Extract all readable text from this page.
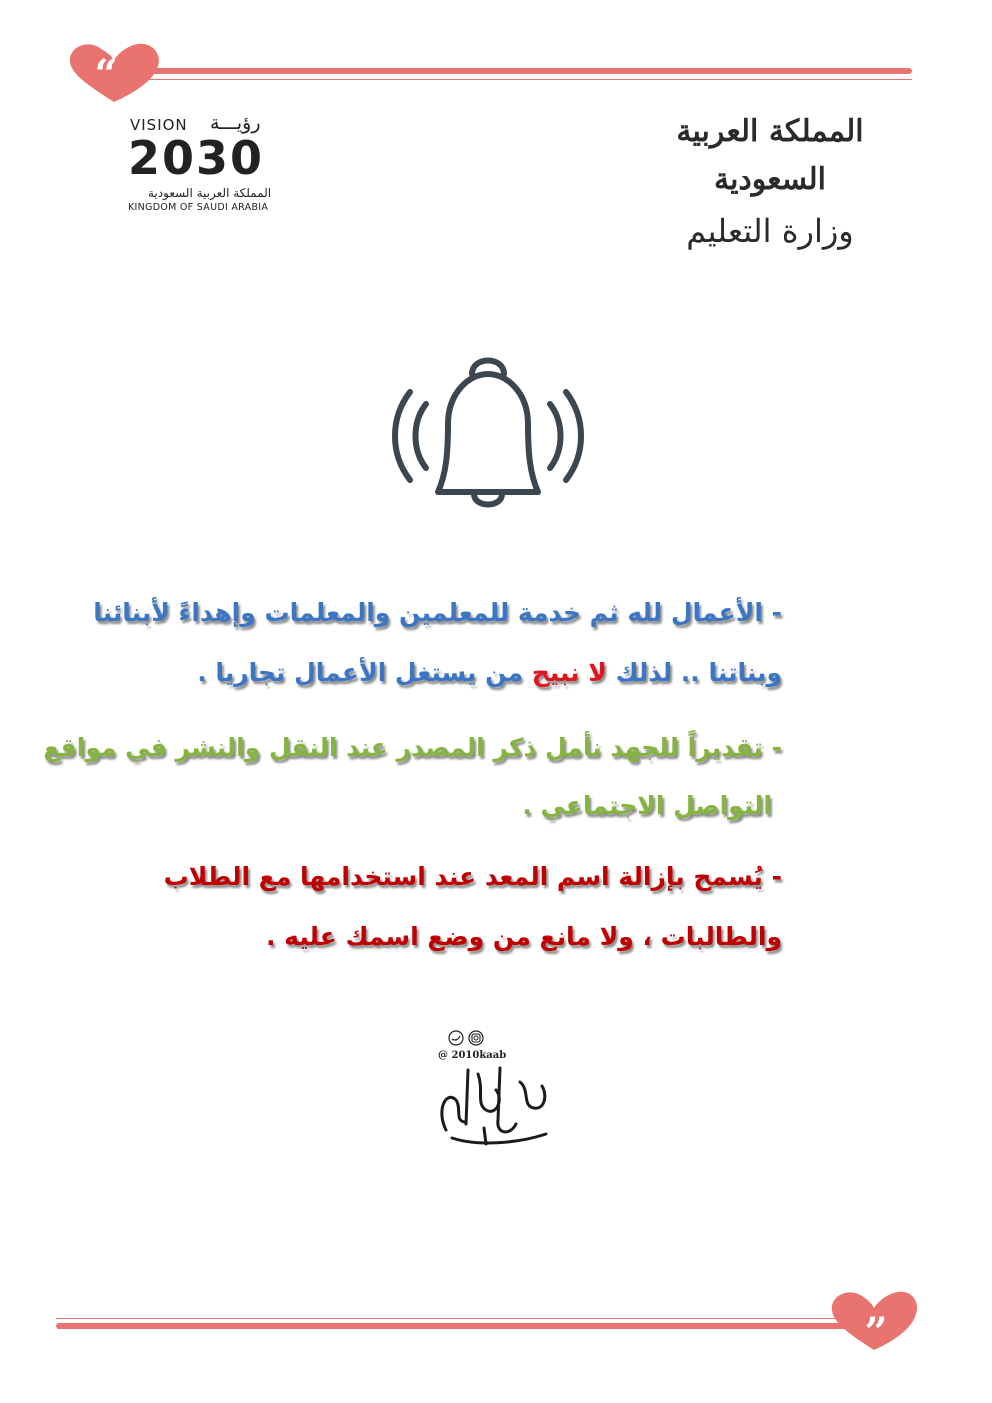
“
VISION رؤيـــة
2030
المملكة العربية السعودية
KINGDOM OF SAUDI ARABIA
المملكة العربية السعودية
وزارة التعليم
- الأعمال لله ثم خدمة للمعلمين والمعلمات وإهداءً لأبنائنا
وبناتنا .. لذلك لا نبيح من يستغل الأعمال تجاريا .
- تقديراً للجهد نأمل ذكر المصدر عند النقل والنشر في مواقع
التواصل الاجتماعي .
- يُسمح بإزالة اسم المعد عند استخدامها مع الطلاب
والطالبات ، ولا مانع من وضع اسمك عليه .
@ 2010kaab
”
